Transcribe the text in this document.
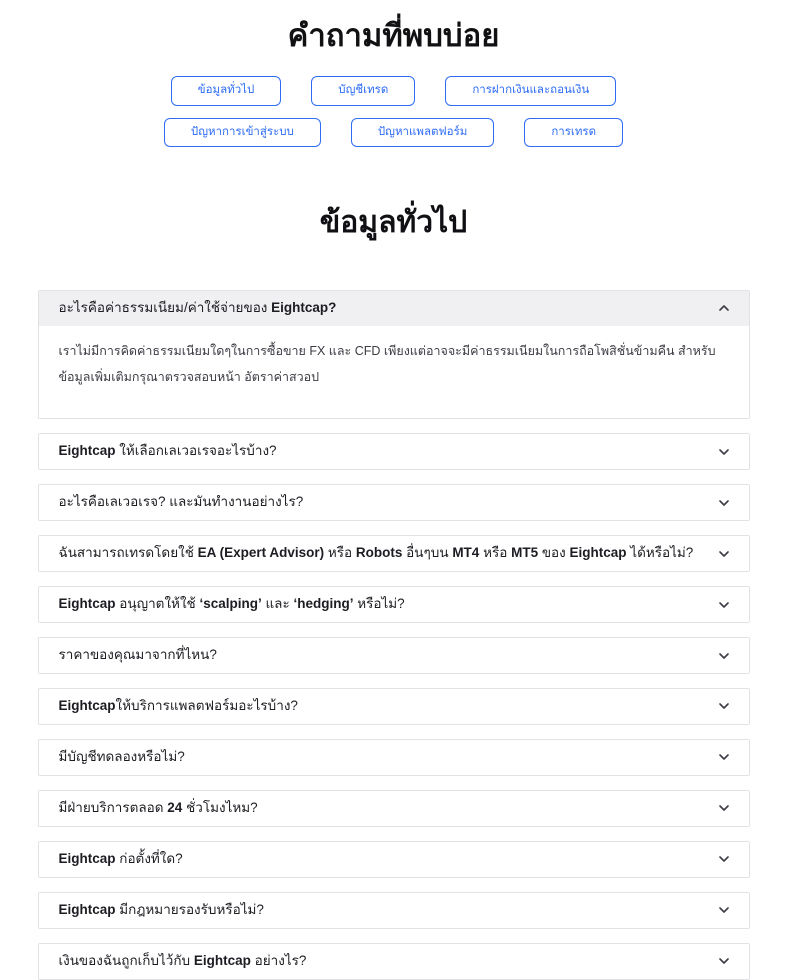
คำถามที่พบบ่อย
ข้อมูลทั่วไป	บัญชีเทรด	การฝากเงินและถอนเงิน
ปัญหาการเข้าสู่ระบบ	ปัญหาแพลตฟอร์ม	การเทรด
ข้อมูลทั่วไป
อะไรคือค่าธรรมเนียม/ค่าใช้จ่ายของ Eightcap?
เราไม่มีการคิดค่าธรรมเนียมใดๆในการซื้อขาย FX และ CFD เพียงแต่อาจจะมีค่าธรรมเนียมในการถือโพสิชั่นข้ามคืน สำหรับข้อมูลเพิ่มเติมกรุณาตรวจสอบหน้า อัตราค่าสวอป
Eightcap ให้เลือกเลเวอเรจอะไรบ้าง?
อะไรคือเลเวอเรจ? และมันทำงานอย่างไร?
ฉันสามารถเทรดโดยใช้ EA (Expert Advisor) หรือ Robots อื่นๆบน MT4 หรือ MT5 ของ Eightcap ได้หรือไม่?
Eightcap อนุญาตให้ใช้ ‘scalping’ และ ‘hedging’ หรือไม่?
ราคาของคุณมาจากที่ไหน?
Eightcapให้บริการแพลตฟอร์มอะไรบ้าง?
มีบัญชีทดลองหรือไม่?
มีฝ่ายบริการตลอด 24 ชั่วโมงไหม?
Eightcap ก่อตั้งที่ใด?
Eightcap มีกฎหมายรองรับหรือไม่?
เงินของฉันถูกเก็บไว้กับ Eightcap อย่างไร?
